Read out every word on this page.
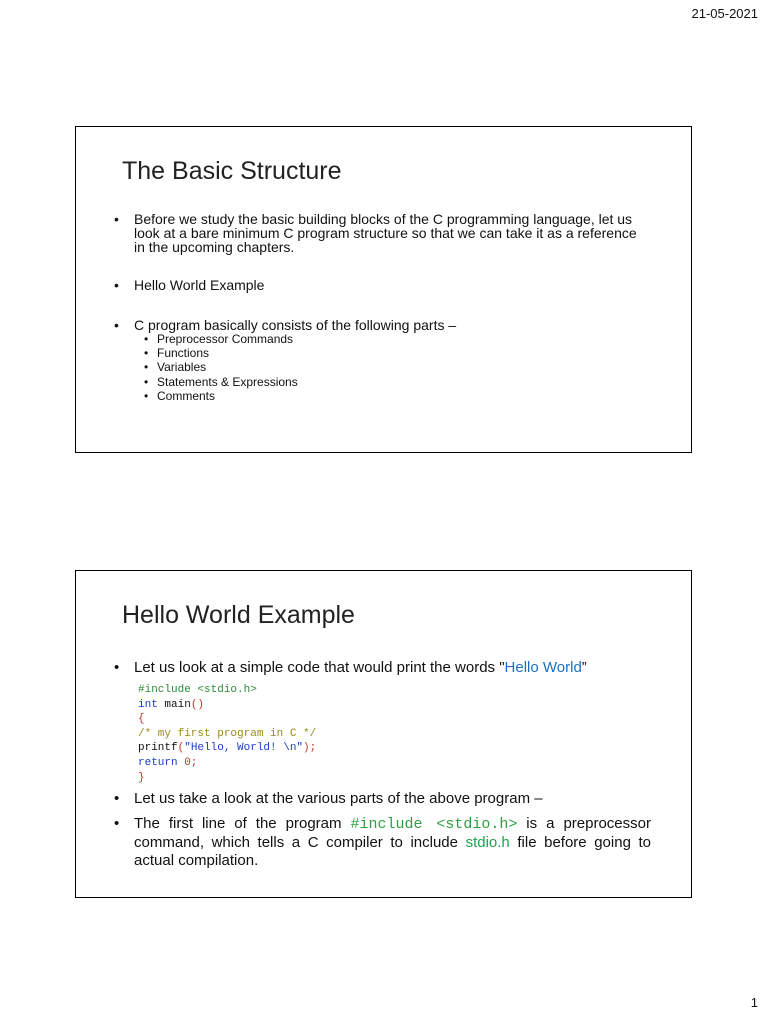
21-05-2021
The Basic Structure
• Before we study the basic building blocks of the C programming language, let us look at a bare minimum C program structure so that we can take it as a reference in the upcoming chapters.
• Hello World Example
• C program basically consists of the following parts –
• Preprocessor Commands
• Functions
• Variables
• Statements & Expressions
• Comments
Hello World Example
• Let us look at a simple code that would print the words "Hello World”
#include <stdio.h>
int main()
{
/* my first program in C */
printf("Hello, World! \n");
return 0;
}
• Let us take a look at the various parts of the above program –
• The first line of the program #include <stdio.h> is a preprocessor command, which tells a C compiler to include stdio.h file before going to actual compilation.
1
